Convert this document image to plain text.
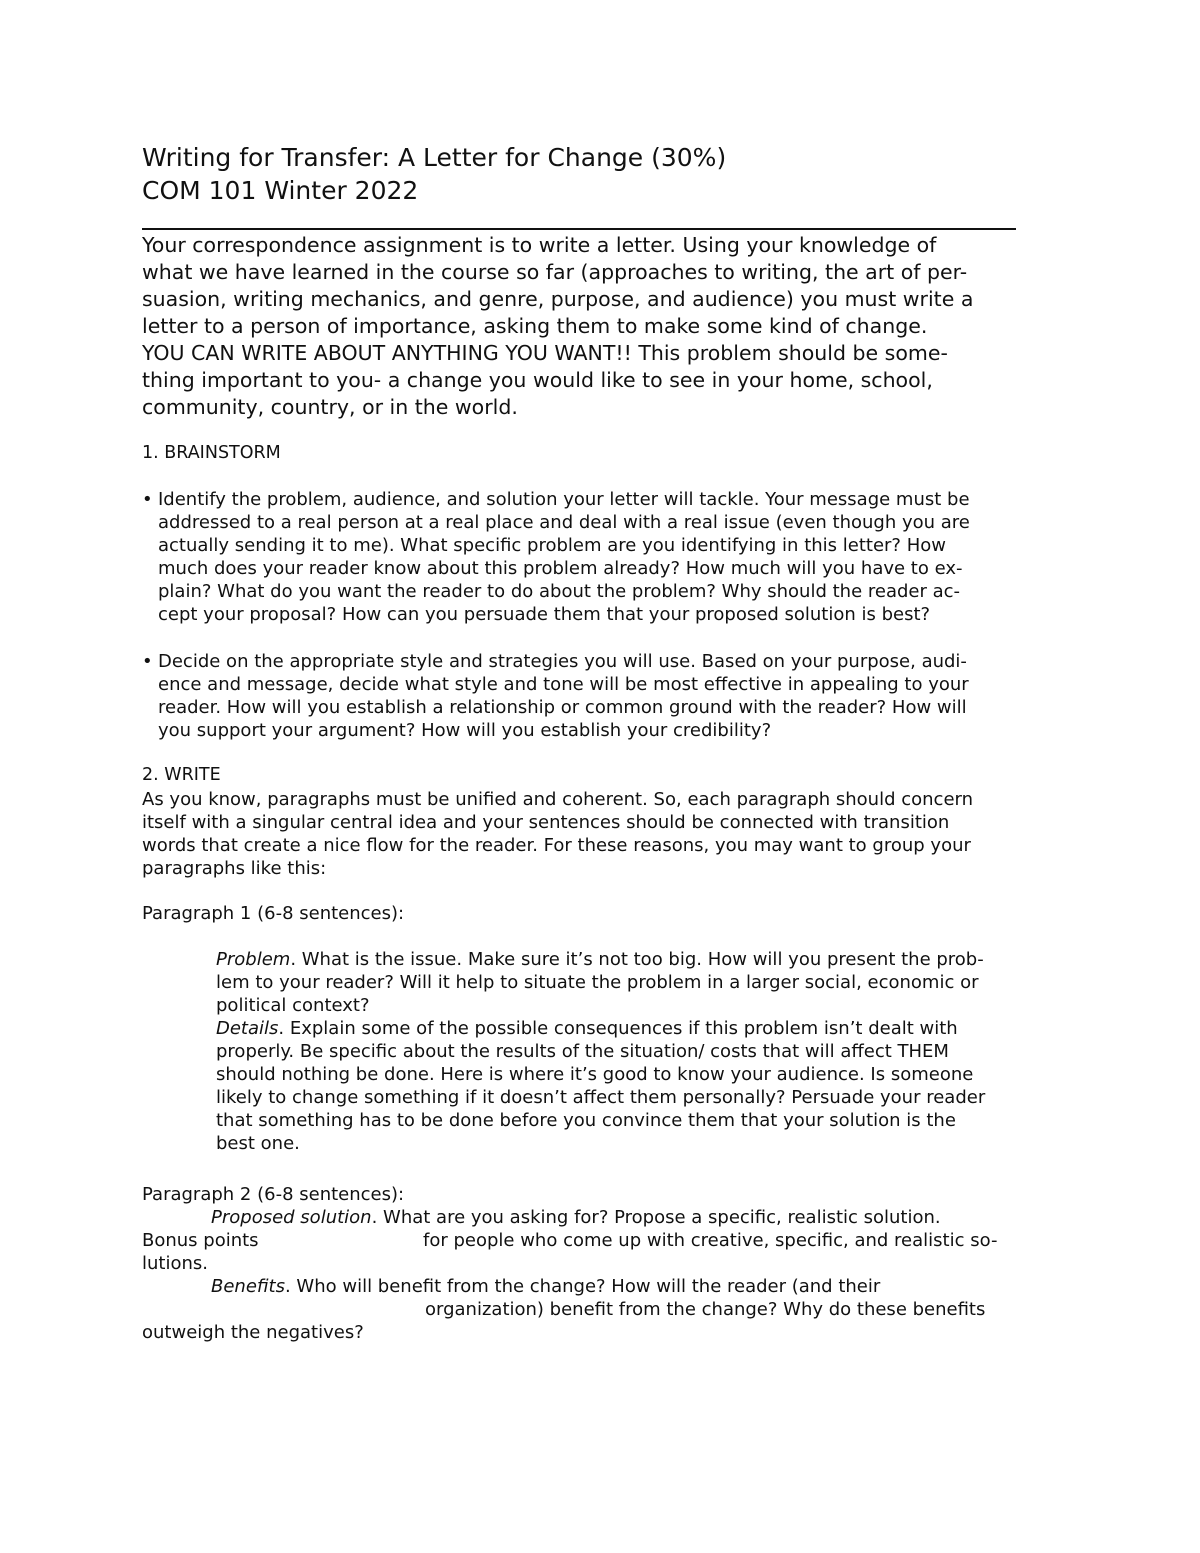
Writing for Transfer: A Letter for Change (30%)
COM 101 Winter 2022

Your correspondence assignment is to write a letter. Using your knowledge of
what we have learned in the course so far (approaches to writing, the art of per-
suasion, writing mechanics, and genre, purpose, and audience) you must write a
letter to a person of importance, asking them to make some kind of change.
YOU CAN WRITE ABOUT ANYTHING YOU WANT!! This problem should be some-
thing important to you- a change you would like to see in your home, school,
community, country, or in the world.

1. BRAINSTORM
• Identify the problem, audience, and solution your letter will tackle. Your message must be
addressed to a real person at a real place and deal with a real issue (even though you are
actually sending it to me). What specific problem are you identifying in this letter? How
much does your reader know about this problem already? How much will you have to ex-
plain? What do you want the reader to do about the problem? Why should the reader ac-
cept your proposal? How can you persuade them that your proposed solution is best?
• Decide on the appropriate style and strategies you will use. Based on your purpose, audi-
ence and message, decide what style and tone will be most effective in appealing to your
reader. How will you establish a relationship or common ground with the reader? How will
you support your argument? How will you establish your credibility?
2. WRITE

As you know, paragraphs must be unified and coherent. So, each paragraph should concern
itself with a singular central idea and your sentences should be connected with transition
words that create a nice flow for the reader. For these reasons, you may want to group your
paragraphs like this:

Paragraph 1 (6-8 sentences):

Problem. What is the issue. Make sure it’s not too big. How will you present the prob-
lem to your reader? Will it help to situate the problem in a larger social, economic or
political context?
Details. Explain some of the possible consequences if this problem isn’t dealt with
properly. Be specific about the results of the situation/ costs that will affect THEM
should nothing be done. Here is where it’s good to know your audience. Is someone
likely to change something if it doesn’t affect them personally? Persuade your reader
that something has to be done before you convince them that your solution is the
best one.

Paragraph 2 (6-8 sentences):
Proposed solution. What are you asking for? Propose a specific, realistic solution.
Bonus points	for people who come up with creative, specific, and realistic so-
lutions.
Benefits. Who will benefit from the change? How will the reader (and their
organization) benefit from the change? Why do these benefits
outweigh the negatives?
